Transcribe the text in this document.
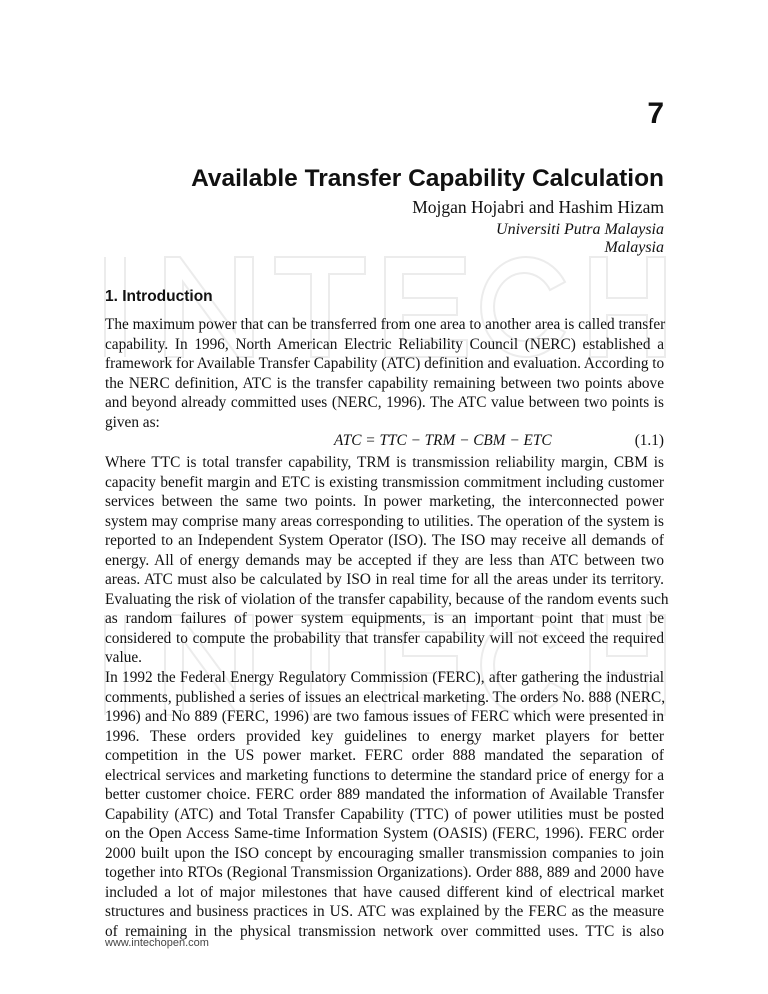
7
Available Transfer Capability Calculation
Mojgan Hojabri and Hashim Hizam
Universiti Putra Malaysia
Malaysia
1. Introduction
The maximum power that can be transferred from one area to another area is called transfer
capability. In 1996, North American Electric Reliability Council (NERC) established a
framework for Available Transfer Capability (ATC) definition and evaluation. According to
the NERC definition, ATC is the transfer capability remaining between two points above
and beyond already committed uses (NERC, 1996). The ATC value between two points is
given as:
ATC = TTC − TRM − CBM − ETC	(1.1)
Where TTC is total transfer capability, TRM is transmission reliability margin, CBM is
capacity benefit margin and ETC is existing transmission commitment including customer
services between the same two points. In power marketing, the interconnected power
system may comprise many areas corresponding to utilities. The operation of the system is
reported to an Independent System Operator (ISO). The ISO may receive all demands of
energy. All of energy demands may be accepted if they are less than ATC between two
areas. ATC must also be calculated by ISO in real time for all the areas under its territory.
Evaluating the risk of violation of the transfer capability, because of the random events such
as random failures of power system equipments, is an important point that must be
considered to compute the probability that transfer capability will not exceed the required
value.
In 1992 the Federal Energy Regulatory Commission (FERC), after gathering the industrial
comments, published a series of issues an electrical marketing. The orders No. 888 (NERC,
1996) and No 889 (FERC, 1996) are two famous issues of FERC which were presented in
1996. These orders provided key guidelines to energy market players for better
competition in the US power market. FERC order 888 mandated the separation of
electrical services and marketing functions to determine the standard price of energy for a
better customer choice. FERC order 889 mandated the information of Available Transfer
Capability (ATC) and Total Transfer Capability (TTC) of power utilities must be posted
on the Open Access Same-time Information System (OASIS) (FERC, 1996). FERC order
2000 built upon the ISO concept by encouraging smaller transmission companies to join
together into RTOs (Regional Transmission Organizations). Order 888, 889 and 2000 have
included a lot of major milestones that have caused different kind of electrical market
structures and business practices in US. ATC was explained by the FERC as the measure
of remaining in the physical transmission network over committed uses. TTC is also
www.intechopen.com
